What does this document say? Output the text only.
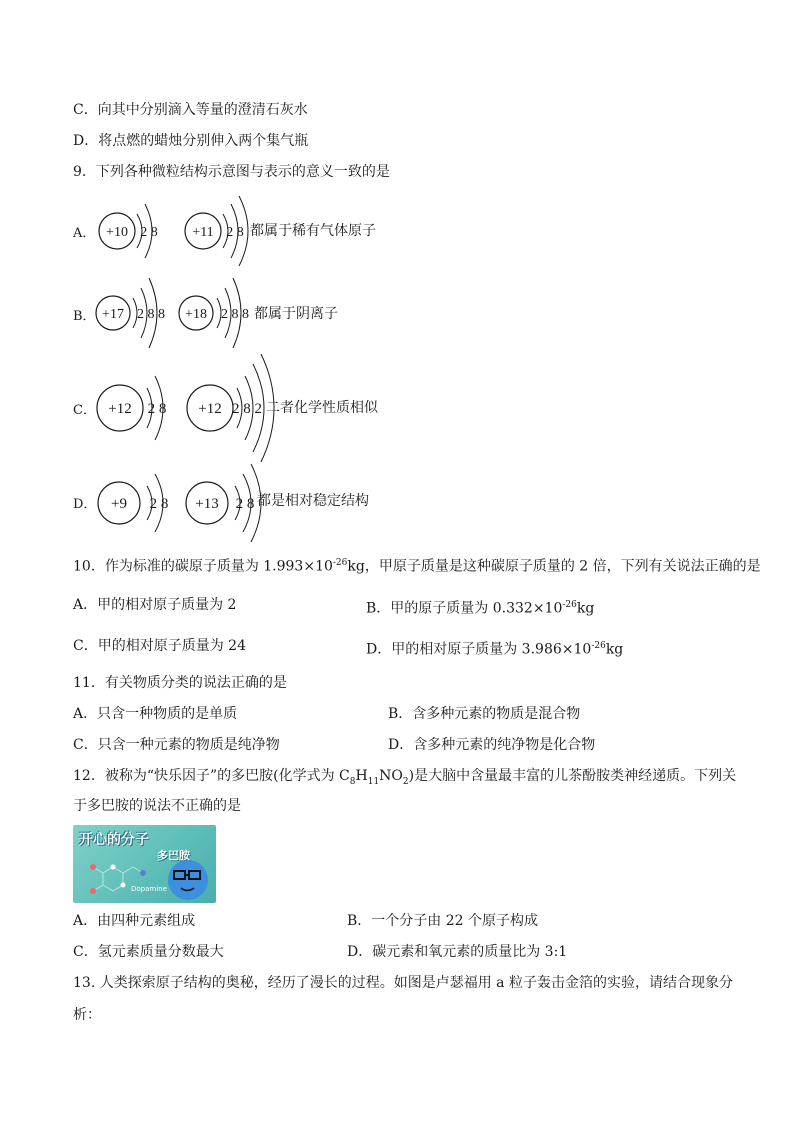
C．向其中分别滴入等量的澄清石灰水
D．将点燃的蜡烛分别伸入两个集气瓶
9．下列各种微粒结构示意图与表示的意义一致的是
A． +10 2 8 +11 2 8 都属于稀有气体原子
B． +17 2 8 8 +18 2 8 8 都属于阴离子
C． +12 2 8 +12 2 8 2 二者化学性质相似
D． +9 2 8 +13 2 8 都是相对稳定结构
10．作为标准的碳原子质量为 $1.993\times 10^{-26}kg$，甲原子质量是这种碳原子质量的 2 倍，下列有关说法正确的是
A．甲的相对原子质量为 2	B．甲的原子质量为 $0.332\times 10^{-26}kg$
C．甲的相对原子质量为 24	D．甲的相对原子质量为 $3.986\times 10^{-26}kg$
11．有关物质分类的说法正确的是
A．只含一种物质的是单质	B．含多种元素的物质是混合物
C．只含一种元素的物质是纯净物	D．含多种元素的纯净物是化合物
12．被称为“快乐因子”的多巴胺(化学式为 $C_8H_{11}NO_2$)是大脑中含量最丰富的儿茶酚胺类神经递质。下列关
于多巴胺的说法不正确的是
开心的分子
多巴胺
Dopamine
A．由四种元素组成	B．一个分子由 22 个原子构成
C．氢元素质量分数最大	D．碳元素和氧元素的质量比为 3:1
13. 人类探索原子结构的奥秘，经历了漫长的过程。如图是卢瑟福用 a 粒子轰击金箔的实验，请结合现象分
析：
